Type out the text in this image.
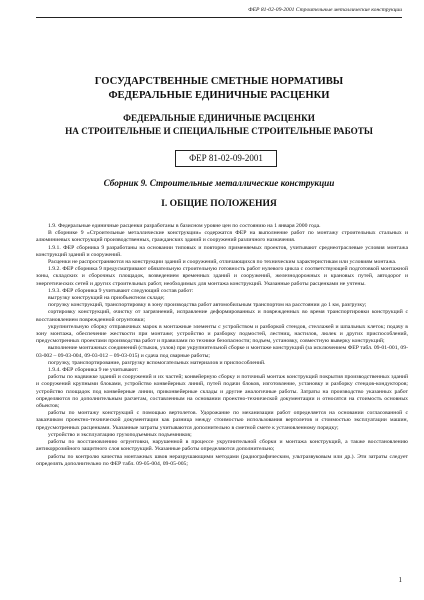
ФЕР 81-02-09-2001 Строительные металлические конструкции
ГОСУДАРСТВЕННЫЕ СМЕТНЫЕ НОРМАТИВЫ
ФЕДЕРАЛЬНЫЕ ЕДИНИЧНЫЕ РАСЦЕНКИ
ФЕДЕРАЛЬНЫЕ ЕДИНИЧНЫЕ РАСЦЕНКИ
НА СТРОИТЕЛЬНЫЕ И СПЕЦИАЛЬНЫЕ СТРОИТЕЛЬНЫЕ РАБОТЫ
ФЕР 81-02-09-2001
Сборник 9. Строительные металлические конструкции
I. ОБЩИЕ ПОЛОЖЕНИЯ

1.9. Федеральные единичные расценки разработаны в базисном уровне цен по состоянию на 1 января 2000 года.

В сборнике 9 «Строительные металлические конструкции» содержатся ФЕР на выполнение работ по монтажу строительных стальных и алюминиевых конструкций производственных, гражданских зданий и сооружений различного назначения.

1.9.1. ФЕР сборника 9 разработаны на основании типовых и повторно применяемых проектов, учитывают среднеотраслевые условия монтажа конструкций зданий и сооружений.

Расценки не распространяются на конструкции зданий и сооружений, отличающихся по техническим характеристикам или условиям монтажа.

1.9.2. ФЕР сборника 9 предусматривают обязательную строительную готовность работ нулевого цикла с соответствующей подготовкой монтажной зоны, складских и сборочных площадок, возведением временных зданий и сооружений, железнодорожных и крановых путей, автодорог и энергетических сетей и других строительных работ, необходимых для монтажа конструкций. Указанные работы расценками не учтены.

1.9.3. ФЕР сборника 9 учитывают следующий состав работ:

выгрузку конструкций на приобъектном складе;

погрузку конструкций, транспортировку в зону производства работ автомобильным транспортом на расстоянии до 1 км, разгрузку;

сортировку конструкций, очистку от загрязнений, исправление деформированных и поврежденных во время транспортировки конструкций с восстановлением поврежденной огрунтовки;

укрупнительную сборку отправочных марок в монтажные элементы с устройством и разборкой стендов, стеллажей и шпальных клеток; подачу в зону монтажа, обеспечение жесткости при монтаже; устройство и разборку подмостей, лестниц, настилов, люлек и других приспособлений, предусмотренных проектами производства работ и правилами по технике безопасности; подъем, установку, совместную выверку конструкций;

выполнение монтажных соединений (стыков, узлов) при укрупнительной сборке и монтаже конструкций (за исключением ФЕР табл. 09-01-001, 09-03-002 – 09-03-004, 09-03-012 – 09-03-015) и сдача под сварные работы;

погрузку, транспортирование, разгрузку вспомогательных материалов и приспособлений.

1.9.4. ФЕР сборника 9 не учитывают:

работы по надвижке зданий и сооружений и их частей; конвейерную сборку и поточный монтаж конструкций покрытия производственных зданий и сооружений крупными блоками, устройство конвейерных линий, путей подачи блоков, изготовление, установку и разборку стендов-кондукторов; устройство площадок под конвейерные линии, приконвейерные склады и другие аналогичные работы. Затраты на производство указанных работ определяются по дополнительным расчетам, составленным на основании проектно-технической документации и относятся на стоимость основных объектов;

работы по монтажу конструкций с помощью вертолетов. Удорожание по механизации работ определяется на основании согласованной с заказчиком проектно-технической документации как разница между стоимостью использования вертолетов и стоимостью эксплуатации машин, предусмотренных расценками. Указанные затраты учитываются дополнительно в сметной смете к установленному порядку;

устройство и эксплуатацию грузоподъемных подъемников;

работы по восстановлению огрунтовки, нарушенной в процессе укрупнительной сборки и монтажа конструкций, а также восстановлению антикоррозийного защитного слоя конструкций. Указанные работы определяются дополнительно;

работы по контролю качества монтажных швов неразрушающими методами (радиографическим, ультразвуковым или др.). Эти затраты следует определять дополнительно по ФЕР табл. 09-05-004, 09-05-005;

1
